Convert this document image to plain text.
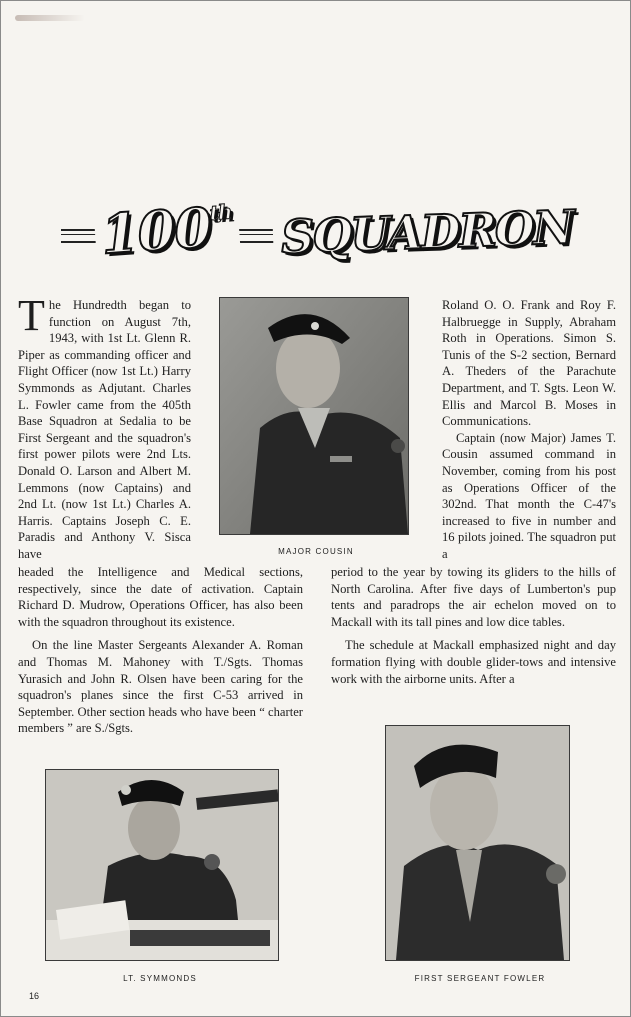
100th SQUADRON

The Hundredth began to function on August 7th, 1943, with 1st Lt. Glenn R. Piper as commanding officer and Flight Officer (now 1st Lt.) Harry Symmonds as Adjutant. Charles L. Fowler came from the 405th Base Squadron at Sedalia to be First Sergeant and the squadron's first power pilots were 2nd Lts. Donald O. Larson and Albert M. Lemmons (now Captains) and 2nd Lt. (now 1st Lt.) Charles A. Harris. Captains Joseph C. E. Paradis and Anthony V. Sisca have

headed the Intelligence and Medical sections, respectively, since the date of activation. Captain Richard D. Mudrow, Operations Officer, has also been with the squadron throughout its existence.

On the line Master Sergeants Alexander A. Roman and Thomas M. Mahoney with T./Sgts. Thomas Yurasich and John R. Olsen have been caring for the squadron's planes since the first C-53 arrived in September. Other section heads who have been “ charter members ” are S./Sgts.

Roland O. O. Frank and Roy F. Halbruegge in Supply, Abraham Roth in Operations. Simon S. Tunis of the S-2 section, Bernard A. Theders of the Parachute Department, and T. Sgts. Leon W. Ellis and Marcol B. Moses in Communications.

Captain (now Major) James T. Cousin assumed command in November, coming from his post as Operations Officer of the 302nd. That month the C-47's increased to five in number and 16 pilots joined. The squadron put a

period to the year by towing its gliders to the hills of North Carolina. After five days of Lumberton's pup tents and paradrops the air echelon moved on to Mackall with its tall pines and low dice tables.

The schedule at Mackall emphasized night and day formation flying with double glider-tows and intensive work with the airborne units. After a

MAJOR COUSIN
LT. SYMMONDS	FIRST SERGEANT FOWLER
16
